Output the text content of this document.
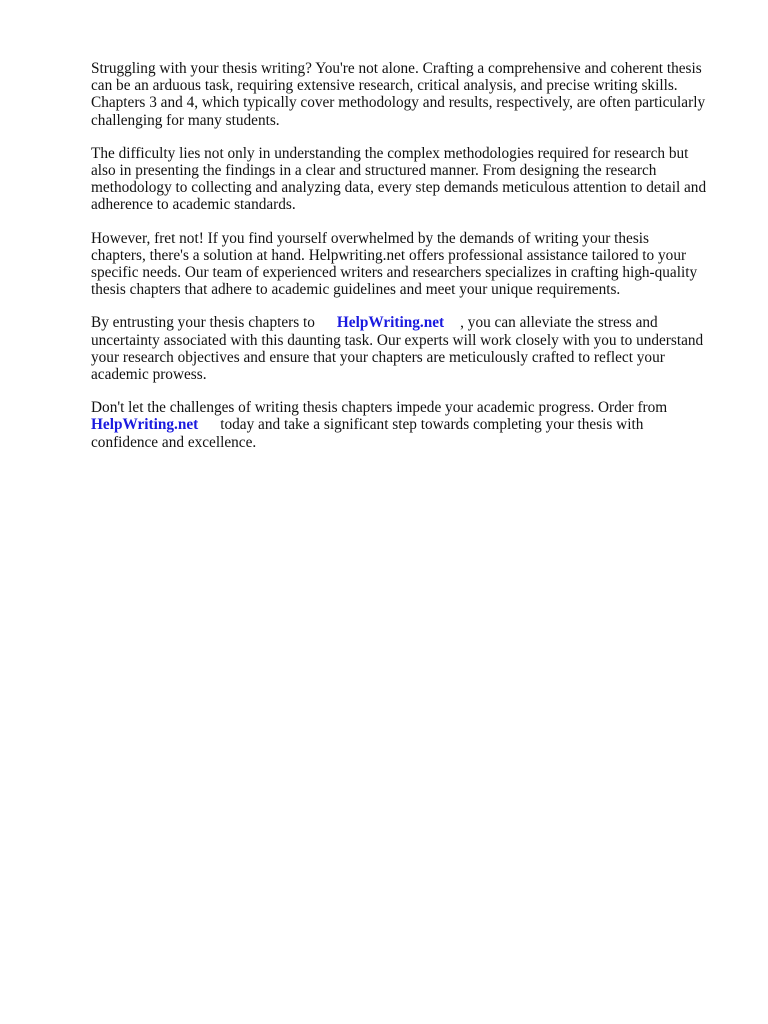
Struggling with your thesis writing? You're not alone. Crafting a comprehensive and coherent thesis
can be an arduous task, requiring extensive research, critical analysis, and precise writing skills.
Chapters 3 and 4, which typically cover methodology and results, respectively, are often particularly
challenging for many students.

The difficulty lies not only in understanding the complex methodologies required for research but
also in presenting the findings in a clear and structured manner. From designing the research
methodology to collecting and analyzing data, every step demands meticulous attention to detail and
adherence to academic standards.

However, fret not! If you find yourself overwhelmed by the demands of writing your thesis
chapters, there's a solution at hand. Helpwriting.net offers professional assistance tailored to your
specific needs. Our team of experienced writers and researchers specializes in crafting high-quality
thesis chapters that adhere to academic guidelines and meet your unique requirements.

By entrusting your thesis chapters to HelpWriting.net , you can alleviate the stress and
uncertainty associated with this daunting task. Our experts will work closely with you to understand
your research objectives and ensure that your chapters are meticulously crafted to reflect your
academic prowess.

Don't let the challenges of writing thesis chapters impede your academic progress. Order from
HelpWriting.net today and take a significant step towards completing your thesis with
confidence and excellence.
